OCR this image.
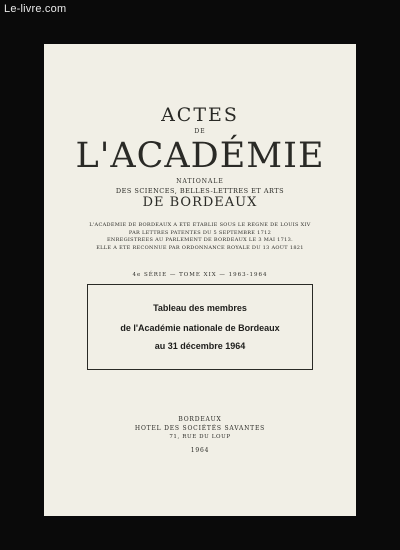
Le-livre.com
ACTES
DE
L'ACADÉMIE
NATIONALE
DES SCIENCES, BELLES-LETTRES ET ARTS
DE BORDEAUX
L'ACADÉMIE DE BORDEAUX A ÉTÉ ÉTABLIE SOUS LE RÈGNE DE LOUIS XIV
PAR LETTRES PATENTES DU 5 SEPTEMBRE 1712
ENREGISTRÉES AU PARLEMENT DE BORDEAUX LE 3 MAI 1713.
ELLE A ÉTÉ RECONNUE PAR ORDONNANCE ROYALE DU 13 AOÛT 1821
4e SÉRIE — TOME XIX — 1963-1964
Tableau des membres
de l'Académie nationale de Bordeaux
au 31 décembre 1964
BORDEAUX
HOTEL DES SOCIÉTÉS SAVANTES
71, RUE DU LOUP
1964
